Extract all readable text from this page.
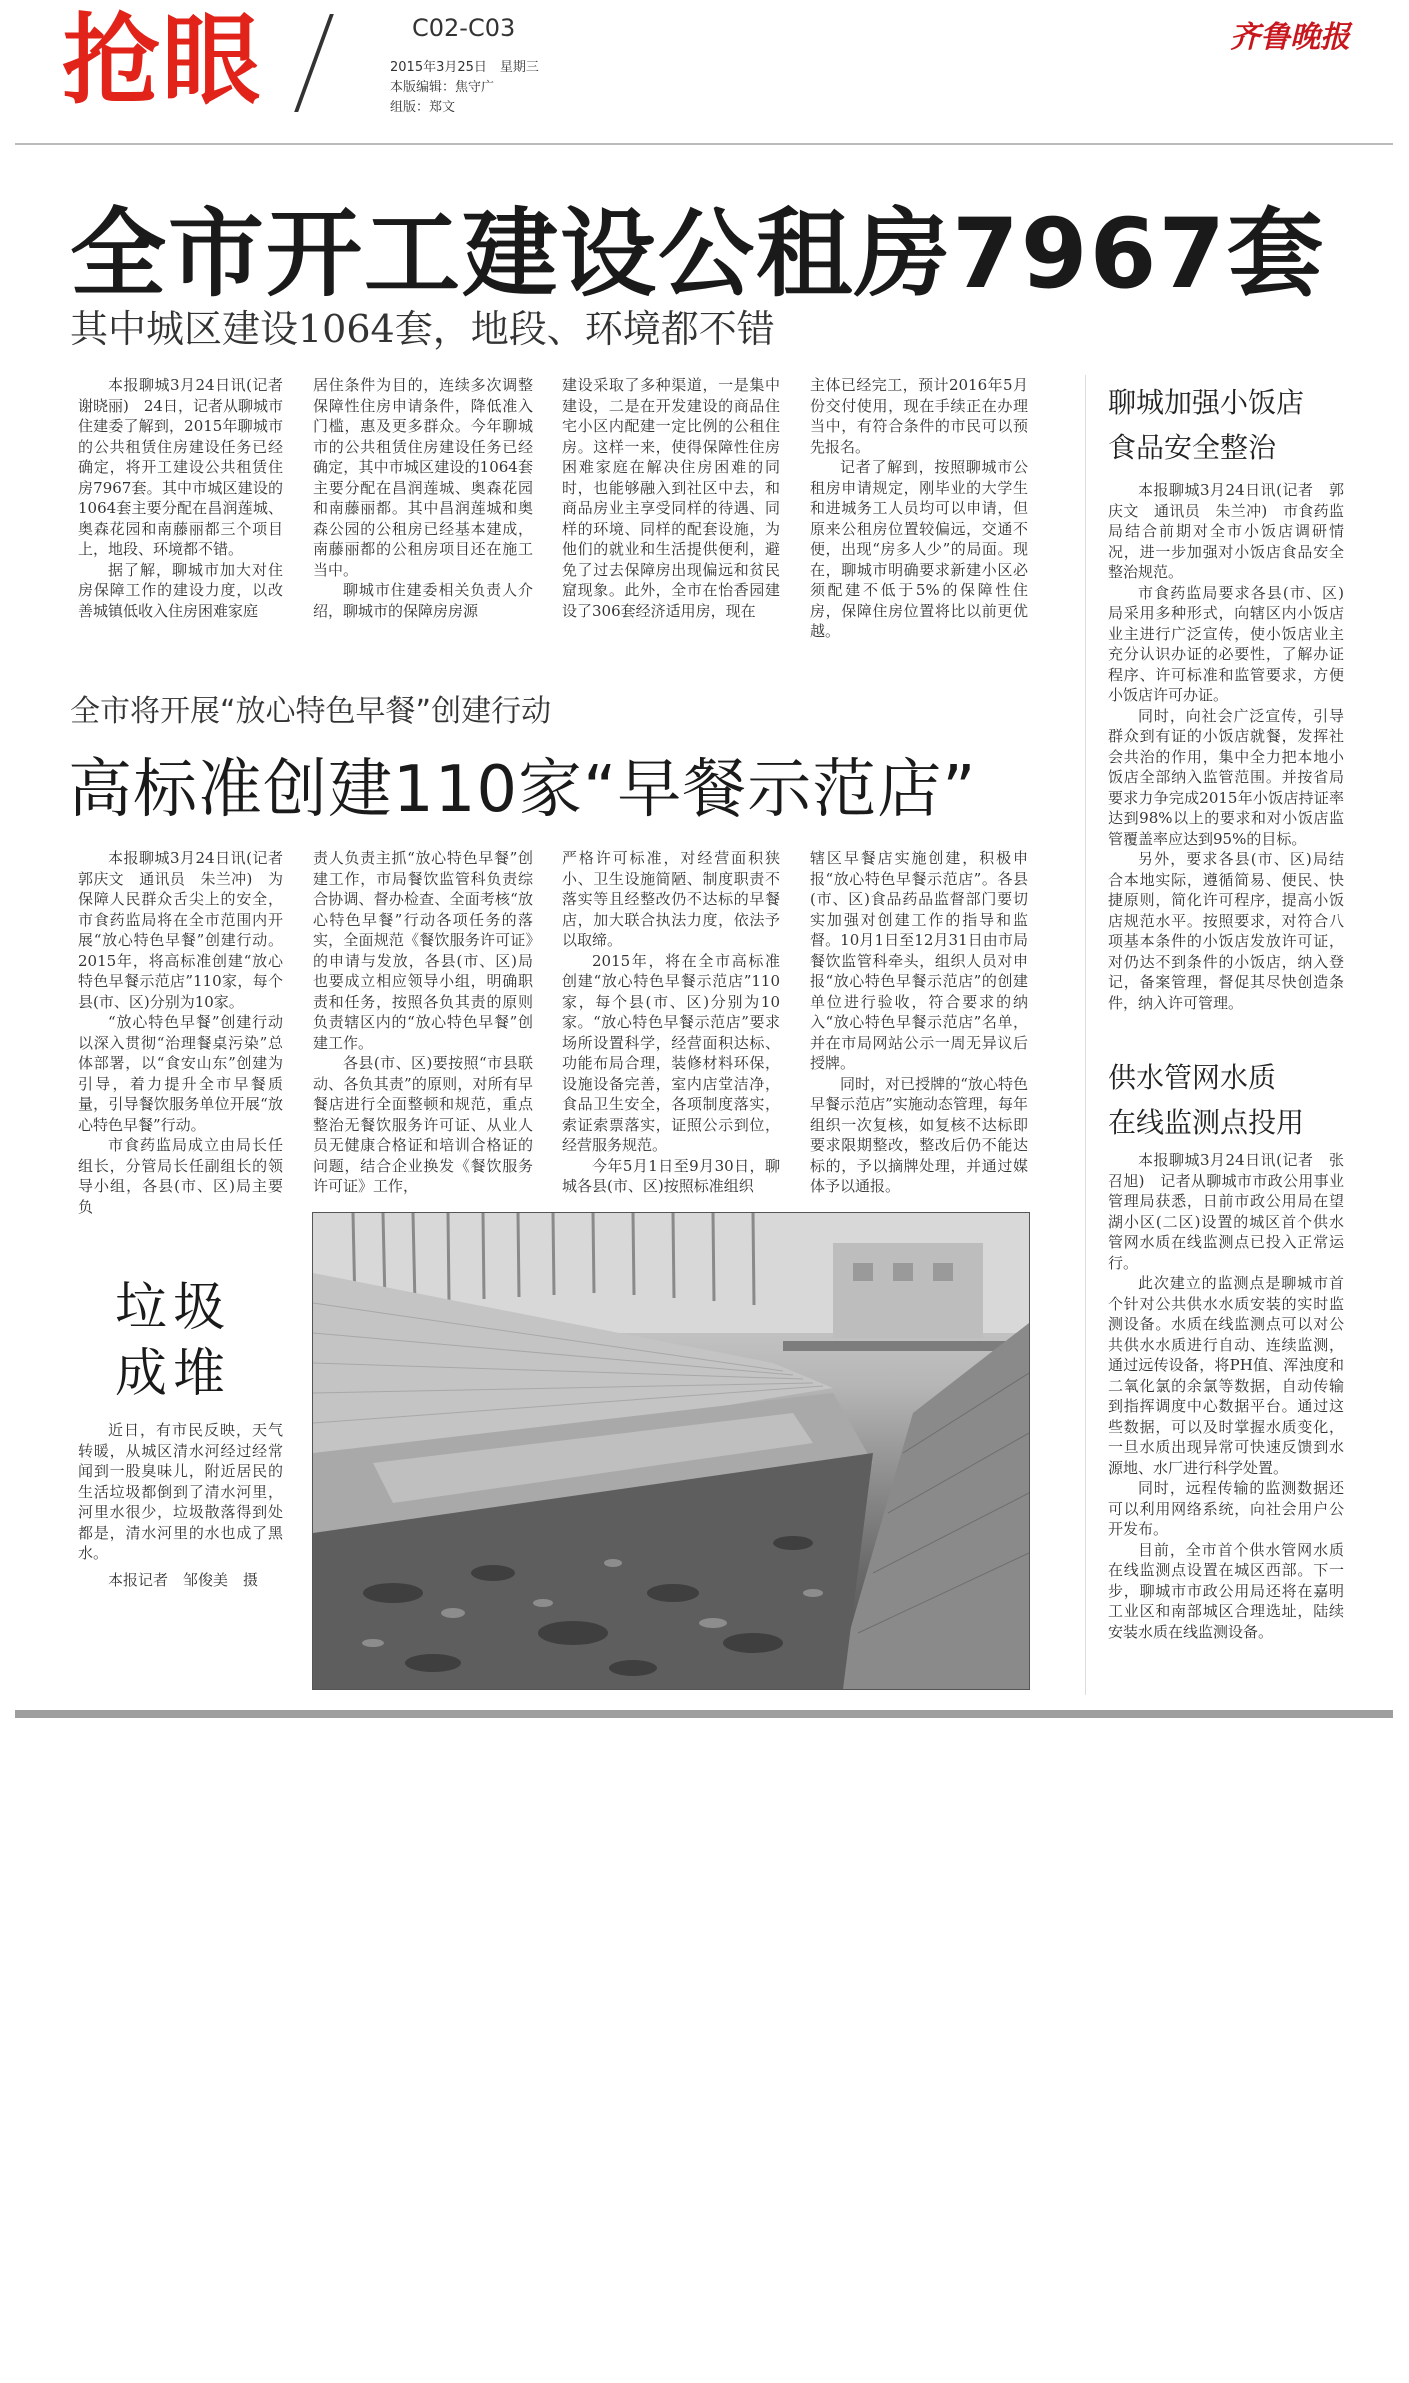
抢眼	C02-C03
2015年3月25日　星期三
本版编辑：焦守广
组版：郑文
齐鲁晚报
全市开工建设公租房7967套
其中城区建设1064套，地段、环境都不错

本报聊城3月24日讯(记者　谢晓丽)　24日，记者从聊城市住建委了解到，2015年聊城市的公共租赁住房建设任务已经确定，将开工建设公共租赁住房7967套。其中市城区建设的1064套主要分配在昌润莲城、奥森花园和南藤丽都三个项目上，地段、环境都不错。

据了解，聊城市加大对住房保障工作的建设力度，以改善城镇低收入住房困难家庭

居住条件为目的，连续多次调整保障性住房申请条件，降低准入门槛，惠及更多群众。今年聊城市的公共租赁住房建设任务已经确定，其中市城区建设的1064套主要分配在昌润莲城、奥森花园和南藤丽都。其中昌润莲城和奥森公园的公租房已经基本建成，南藤丽都的公租房项目还在施工当中。

聊城市住建委相关负责人介绍，聊城市的保障房房源

建设采取了多种渠道，一是集中建设，二是在开发建设的商品住宅小区内配建一定比例的公租住房。这样一来，使得保障性住房困难家庭在解决住房困难的同时，也能够融入到社区中去，和商品房业主享受同样的待遇、同样的环境、同样的配套设施，为他们的就业和生活提供便利，避免了过去保障房出现偏远和贫民窟现象。此外，全市在怡香园建设了306套经济适用房，现在

主体已经完工，预计2016年5月份交付使用，现在手续正在办理当中，有符合条件的市民可以预先报名。

记者了解到，按照聊城市公租房申请规定，刚毕业的大学生和进城务工人员均可以申请，但原来公租房位置较偏远，交通不便，出现“房多人少”的局面。现在，聊城市明确要求新建小区必须配建不低于5%的保障性住房，保障住房位置将比以前更优越。

全市将开展“放心特色早餐”创建行动
高标准创建110家“早餐示范店”

本报聊城3月24日讯(记者　郭庆文　通讯员　朱兰冲)　为保障人民群众舌尖上的安全，市食药监局将在全市范围内开展“放心特色早餐”创建行动。2015年，将高标准创建“放心特色早餐示范店”110家，每个县(市、区)分别为10家。

“放心特色早餐”创建行动以深入贯彻“治理餐桌污染”总体部署，以“食安山东”创建为引导，着力提升全市早餐质量，引导餐饮服务单位开展“放心特色早餐”行动。

市食药监局成立由局长任组长，分管局长任副组长的领导小组，各县(市、区)局主要负

责人负责主抓“放心特色早餐”创建工作，市局餐饮监管科负责综合协调、督办检查、全面考核“放心特色早餐”行动各项任务的落实，全面规范《餐饮服务许可证》的申请与发放，各县(市、区)局也要成立相应领导小组，明确职责和任务，按照各负其责的原则负责辖区内的“放心特色早餐”创建工作。

各县(市、区)要按照“市县联动、各负其责”的原则，对所有早餐店进行全面整顿和规范，重点整治无餐饮服务许可证、从业人员无健康合格证和培训合格证的问题，结合企业换发《餐饮服务许可证》工作，

严格许可标准，对经营面积狭小、卫生设施简陋、制度职责不落实等且经整改仍不达标的早餐店，加大联合执法力度，依法予以取缔。

2015年，将在全市高标准创建“放心特色早餐示范店”110家，每个县(市、区)分别为10家。“放心特色早餐示范店”要求场所设置科学，经营面积达标、功能布局合理，装修材料环保，设施设备完善，室内店堂洁净，食品卫生安全，各项制度落实，索证索票落实，证照公示到位，经营服务规范。

今年5月1日至9月30日，聊城各县(市、区)按照标准组织

辖区早餐店实施创建，积极申报“放心特色早餐示范店”。各县(市、区)食品药品监督部门要切实加强对创建工作的指导和监督。10月1日至12月31日由市局餐饮监管科牵头，组织人员对申报“放心特色早餐示范店”的创建单位进行验收，符合要求的纳入“放心特色早餐示范店”名单，并在市局网站公示一周无异议后授牌。

同时，对已授牌的“放心特色早餐示范店”实施动态管理，每年组织一次复核，如复核不达标即要求限期整改，整改后仍不能达标的，予以摘牌处理，并通过媒体予以通报。

垃圾成堆

近日，有市民反映，天气转暖，从城区清水河经过经常闻到一股臭味儿，附近居民的生活垃圾都倒到了清水河里，河里水很少，垃圾散落得到处都是，清水河里的水也成了黑水。

本报记者　邹俊美　摄

聊城加强小饭店
食品安全整治

本报聊城3月24日讯(记者　郭庆文　通讯员　朱兰冲)　市食药监局结合前期对全市小饭店调研情况，进一步加强对小饭店食品安全整治规范。

市食药监局要求各县(市、区)局采用多种形式，向辖区内小饭店业主进行广泛宣传，使小饭店业主充分认识办证的必要性，了解办证程序、许可标准和监管要求，方便小饭店许可办证。

同时，向社会广泛宣传，引导群众到有证的小饭店就餐，发挥社会共治的作用，集中全力把本地小饭店全部纳入监管范围。并按省局要求力争完成2015年小饭店持证率达到98%以上的要求和对小饭店监管覆盖率应达到95%的目标。

另外，要求各县(市、区)局结合本地实际，遵循简易、便民、快捷原则，简化许可程序，提高小饭店规范水平。按照要求，对符合八项基本条件的小饭店发放许可证，对仍达不到条件的小饭店，纳入登记，备案管理，督促其尽快创造条件，纳入许可管理。

供水管网水质
在线监测点投用

本报聊城3月24日讯(记者　张召旭)　记者从聊城市市政公用事业管理局获悉，日前市政公用局在望湖小区(二区)设置的城区首个供水管网水质在线监测点已投入正常运行。

此次建立的监测点是聊城市首个针对公共供水水质安装的实时监测设备。水质在线监测点可以对公共供水水质进行自动、连续监测，通过远传设备，将PH值、浑浊度和二氧化氯的余氯等数据，自动传输到指挥调度中心数据平台。通过这些数据，可以及时掌握水质变化，一旦水质出现异常可快速反馈到水源地、水厂进行科学处置。

同时，远程传输的监测数据还可以利用网络系统，向社会用户公开发布。

目前，全市首个供水管网水质在线监测点设置在城区西部。下一步，聊城市市政公用局还将在嘉明工业区和南部城区合理选址，陆续安装水质在线监测设备。
